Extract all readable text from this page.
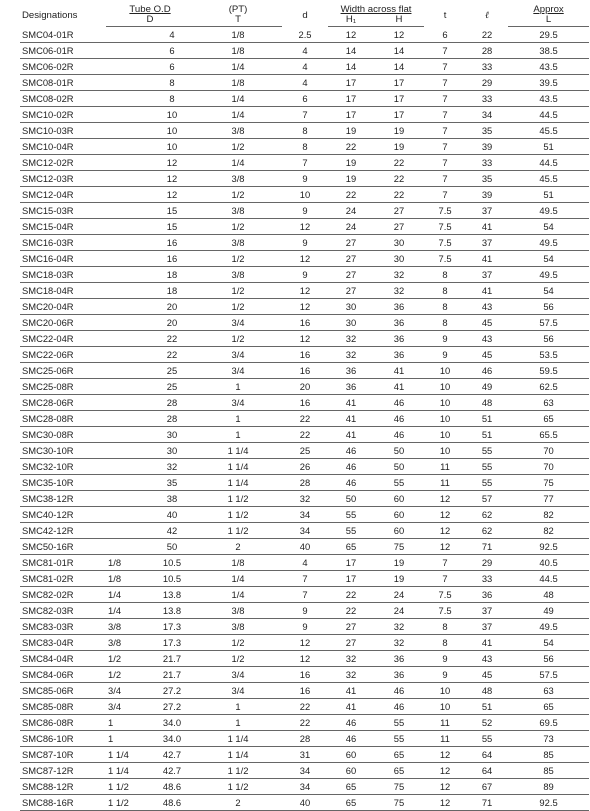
Designations	Tube O.D		(PT)	d	Width across flat		t	ℓ	Approx
	D		T		H₁	H			L
SMC04-01R		4	1/8	2.5	12	12	6	22	29.5
SMC06-01R		6	1/8	4	14	14	7	28	38.5
SMC06-02R		6	1/4	4	14	14	7	33	43.5
SMC08-01R		8	1/8	4	17	17	7	29	39.5
SMC08-02R		8	1/4	6	17	17	7	33	43.5
SMC10-02R		10	1/4	7	17	17	7	34	44.5
SMC10-03R		10	3/8	8	19	19	7	35	45.5
SMC10-04R		10	1/2	8	22	19	7	39	51
SMC12-02R		12	1/4	7	19	22	7	33	44.5
SMC12-03R		12	3/8	9	19	22	7	35	45.5
SMC12-04R		12	1/2	10	22	22	7	39	51
SMC15-03R		15	3/8	9	24	27	7.5	37	49.5
SMC15-04R		15	1/2	12	24	27	7.5	41	54
SMC16-03R		16	3/8	9	27	30	7.5	37	49.5
SMC16-04R		16	1/2	12	27	30	7.5	41	54
SMC18-03R		18	3/8	9	27	32	8	37	49.5
SMC18-04R		18	1/2	12	27	32	8	41	54
SMC20-04R		20	1/2	12	30	36	8	43	56
SMC20-06R		20	3/4	16	30	36	8	45	57.5
SMC22-04R		22	1/2	12	32	36	9	43	56
SMC22-06R		22	3/4	16	32	36	9	45	53.5
SMC25-06R		25	3/4	16	36	41	10	46	59.5
SMC25-08R		25	1	20	36	41	10	49	62.5
SMC28-06R		28	3/4	16	41	46	10	48	63
SMC28-08R		28	1	22	41	46	10	51	65
SMC30-08R		30	1	22	41	46	10	51	65.5
SMC30-10R		30	1 1/4	25	46	50	10	55	70
SMC32-10R		32	1 1/4	26	46	50	11	55	70
SMC35-10R		35	1 1/4	28	46	55	11	55	75
SMC38-12R		38	1 1/2	32	50	60	12	57	77
SMC40-12R		40	1 1/2	34	55	60	12	62	82
SMC42-12R		42	1 1/2	34	55	60	12	62	82
SMC50-16R		50	2	40	65	75	12	71	92.5
SMC81-01R	1/8	10.5	1/8	4	17	19	7	29	40.5
SMC81-02R	1/8	10.5	1/4	7	17	19	7	33	44.5
SMC82-02R	1/4	13.8	1/4	7	22	24	7.5	36	48
SMC82-03R	1/4	13.8	3/8	9	22	24	7.5	37	49
SMC83-03R	3/8	17.3	3/8	9	27	32	8	37	49.5
SMC83-04R	3/8	17.3	1/2	12	27	32	8	41	54
SMC84-04R	1/2	21.7	1/2	12	32	36	9	43	56
SMC84-06R	1/2	21.7	3/4	16	32	36	9	45	57.5
SMC85-06R	3/4	27.2	3/4	16	41	46	10	48	63
SMC85-08R	3/4	27.2	1	22	41	46	10	51	65
SMC86-08R	1	34.0	1	22	46	55	11	52	69.5
SMC86-10R	1	34.0	1 1/4	28	46	55	11	55	73
SMC87-10R	1 1/4	42.7	1 1/4	31	60	65	12	64	85
SMC87-12R	1 1/4	42.7	1 1/2	34	60	65	12	64	85
SMC88-12R	1 1/2	48.6	1 1/2	34	65	75	12	67	89
SMC88-16R	1 1/2	48.6	2	40	65	75	12	71	92.5
